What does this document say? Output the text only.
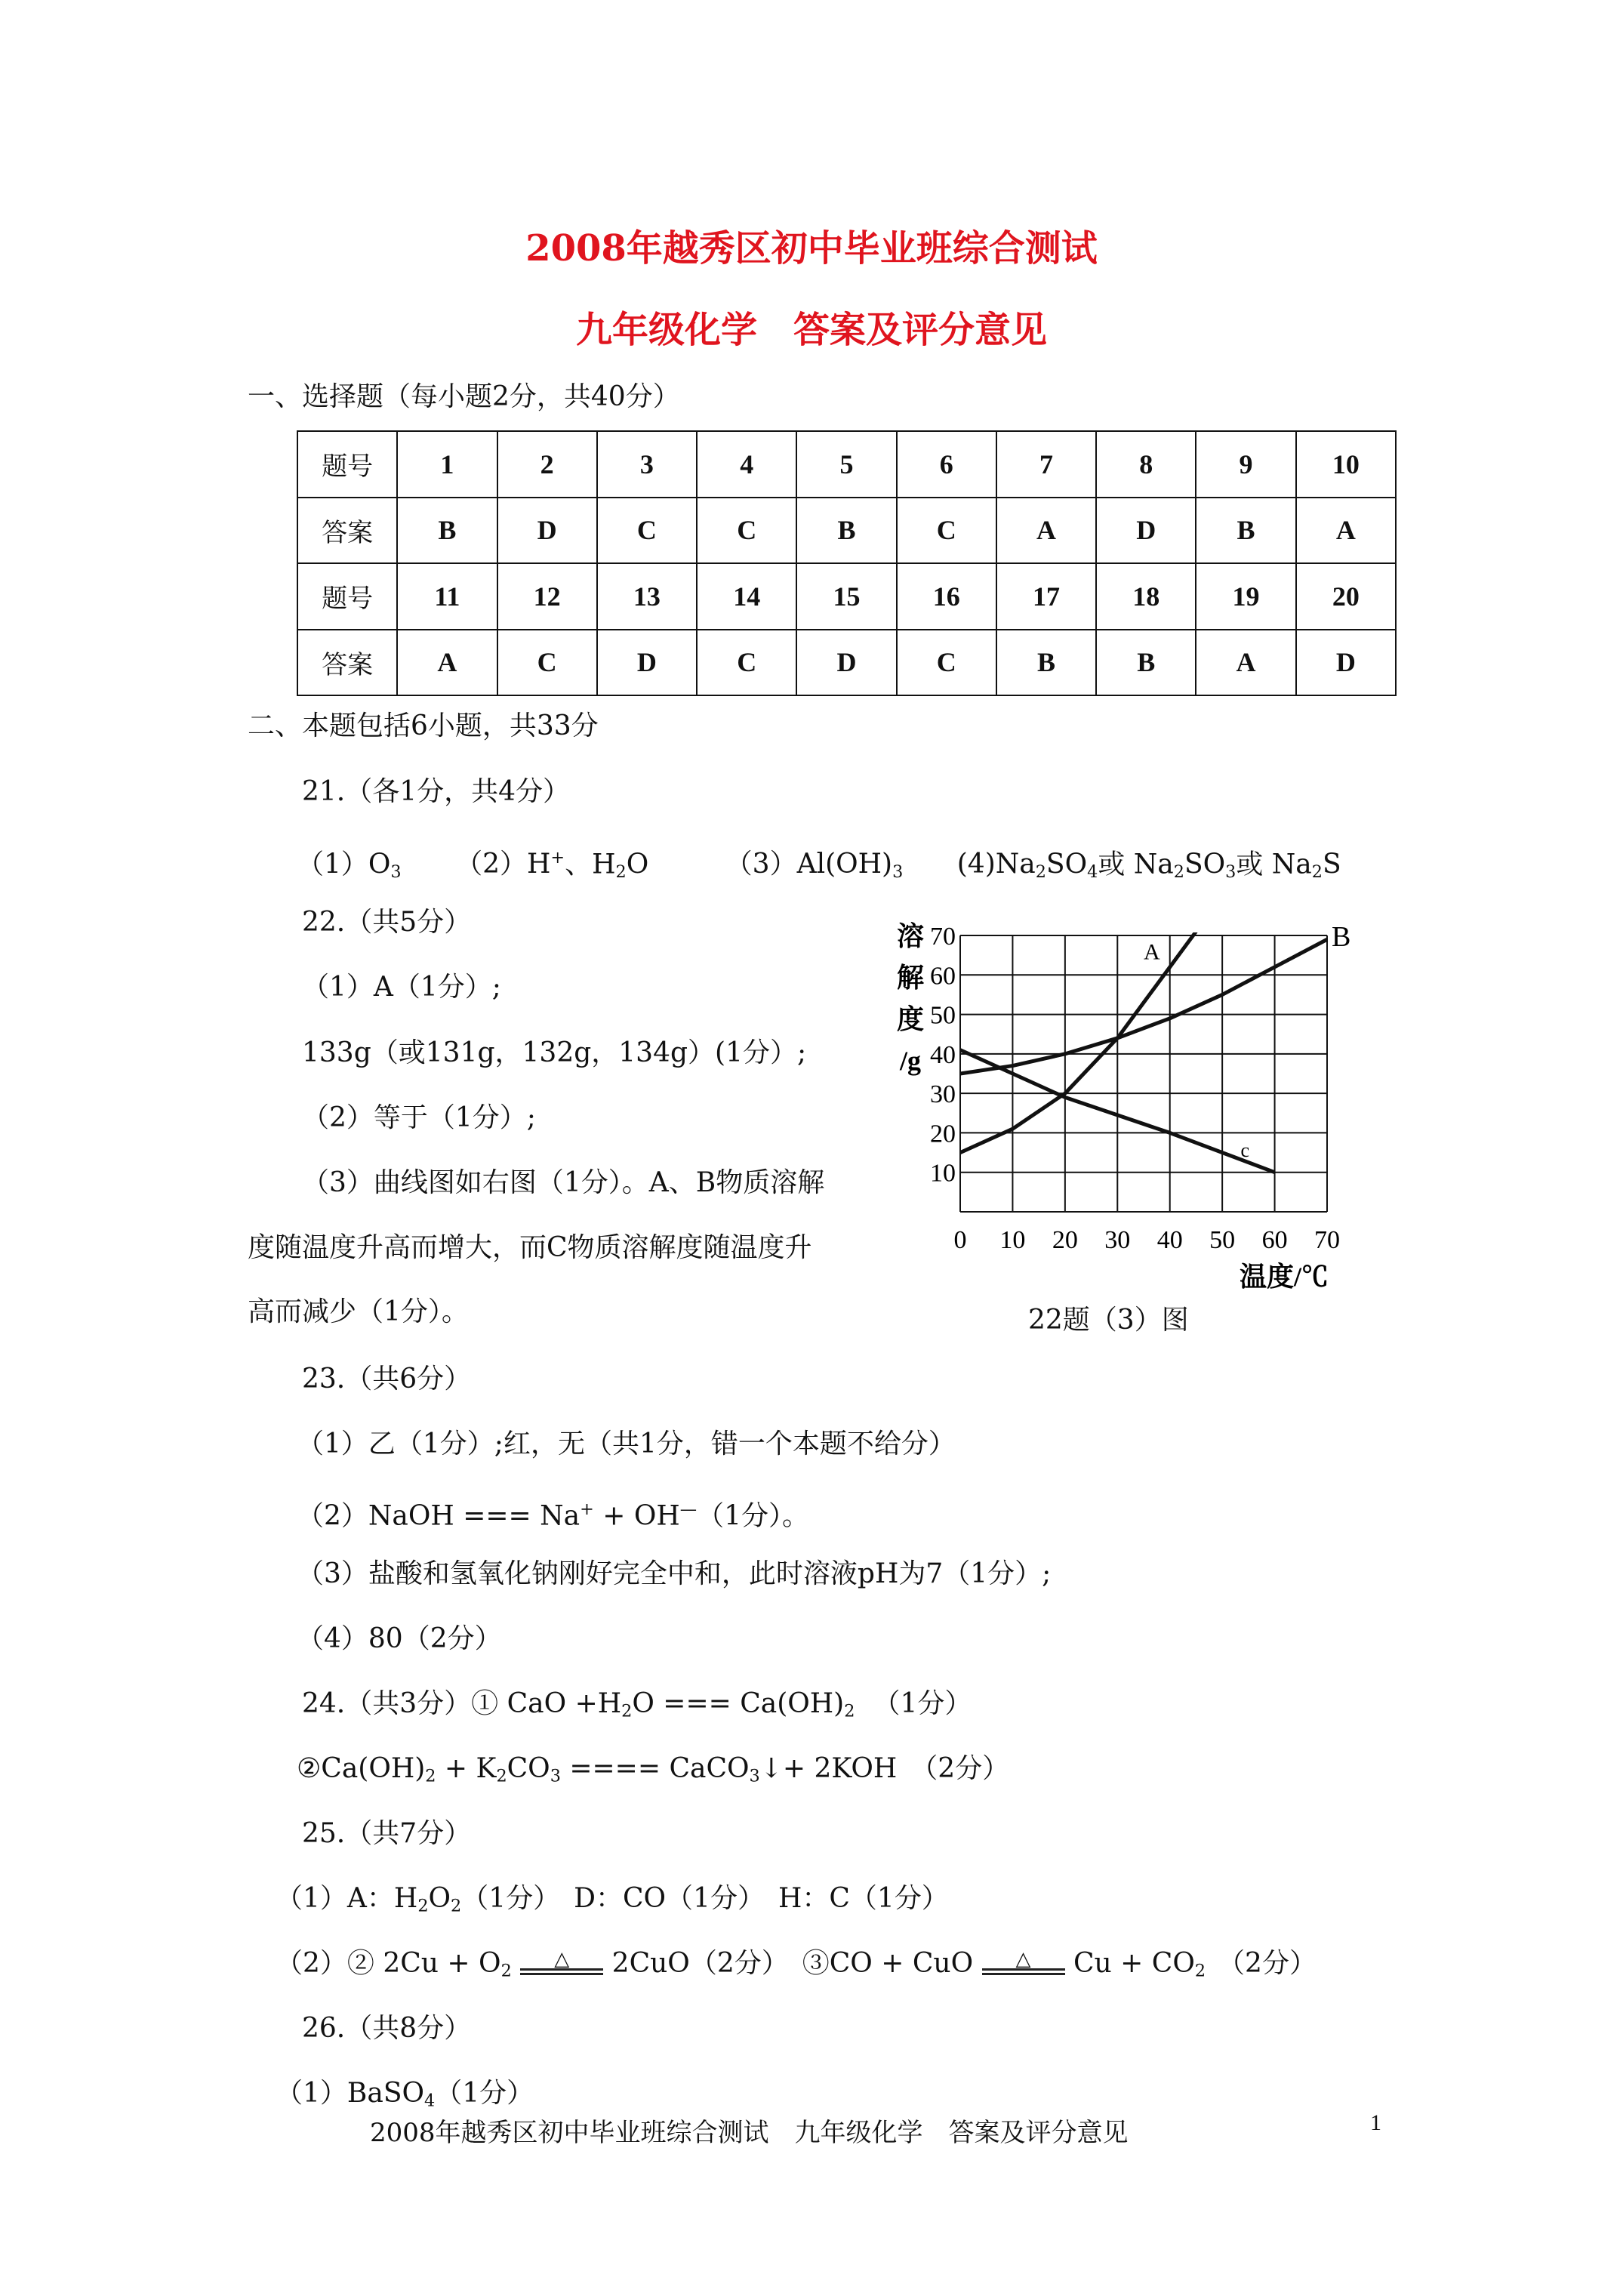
2008年越秀区初中毕业班综合测试
九年级化学　答案及评分意见
一、选择题（每小题2分，共40分）
题号	1	2	3	4	5	6	7	8	9	10
答案	B	D	C	C	B	C	A	D	B	A
题号	11	12	13	14	15	16	17	18	19	20
答案	A	C	D	C	D	C	B	B	A	D
二、本题包括6小题，共33分
21.（各1分，共4分）
$(1)O_3$ （2）H+、$H_2O$	$(3)Al(OH)_3$ $(4)Na_2SO_4$或 $Na_2SO_3$或 $Na_2S$
22.（共5分）
（1）A（1分）;
133g（或131g，132g，134g）(1分）;
（2）等于（1分）;
（3）曲线图如右图（1分）。A、B物质溶解
度随温度升高而增大，而C物质溶解度随温度升
高而减少（1分）。
0 10 20 30 40 50 60 70
10
20
30
40
50
60
70
A	B
c
溶
解
度
/g
温度/℃
22题（3）图
23.（共6分）
（1）乙（1分）;红，无（共1分，错一个本题不给分）
（2）NaOH === Na+ + OH—（1分）。
（3）盐酸和氢氧化钠刚好完全中和，此时溶液pH为7（1分）;
（4）80（2分）
24.（共3分）① CaO $+H_2O$ === $Ca(OH)_2$ （1分）
$②Ca(OH)_2 + K_2CO_3$ ==== CaCO$_3$↓+ 2KOH　（2分）
25.（共7分）
（1）A：$H_2O_2(1$分）　D：CO（1分）　H：C（1分）
（2）② $2Cu + O_2$
△	2CuO（2分）　③CO + CuO	△	$Cu + CO_2$ （2分）
26.（共8分）
（1）BaSO$_4$（1分）
2008年越秀区初中毕业班综合测试　九年级化学　答案及评分意见	1
